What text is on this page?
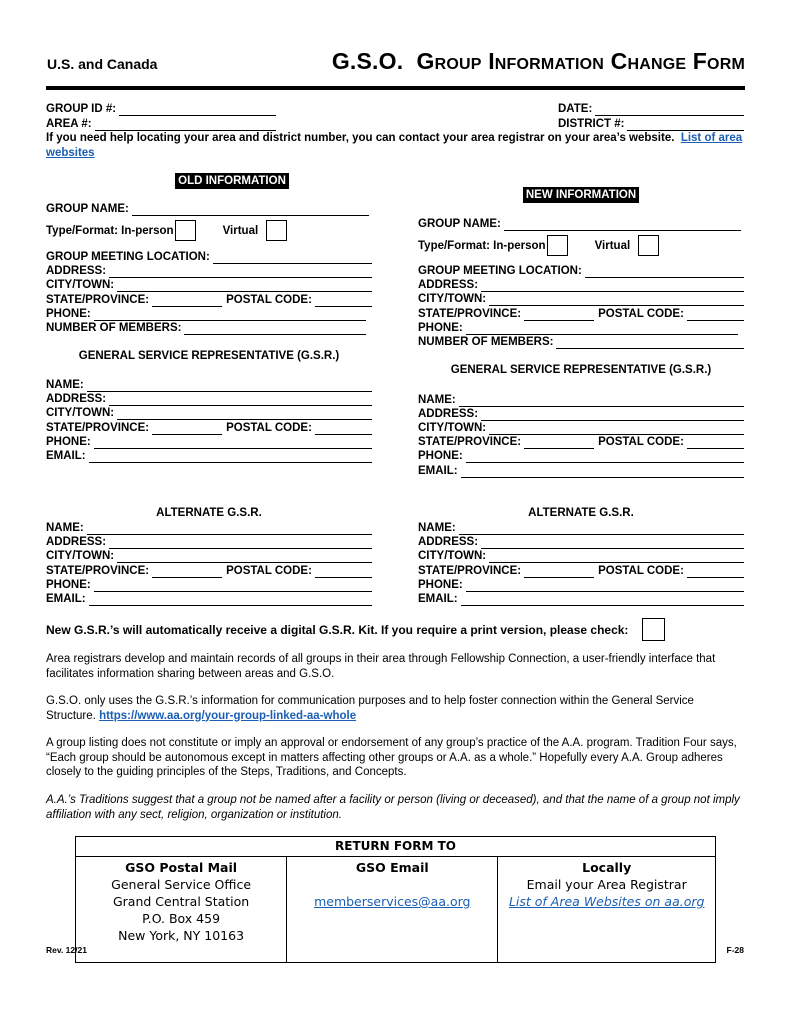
U.S. and Canada	G.S.O. Group Information Change Form
GROUP ID #:
AREA #:
DATE:
DISTRICT #:
If you need help locating your area and district number, you can contact your area registrar on your area’s website. List of area websites
OLD INFORMATION
GROUP NAME:
Type/Format: In-person	Virtual
GROUP MEETING LOCATION:
ADDRESS:
CITY/TOWN:
STATE/PROVINCE:	POSTAL CODE:
PHONE:
NUMBER OF MEMBERS:
GENERAL SERVICE REPRESENTATIVE (G.S.R.)
NAME:
ADDRESS:
CITY/TOWN:
STATE/PROVINCE:	POSTAL CODE:
PHONE:
EMAIL:
ALTERNATE G.S.R.
NAME:
ADDRESS:
CITY/TOWN:
STATE/PROVINCE:	POSTAL CODE:
PHONE:
EMAIL:
NEW INFORMATION
GROUP NAME:
Type/Format: In-person	Virtual
GROUP MEETING LOCATION:
ADDRESS:
CITY/TOWN:
STATE/PROVINCE:	POSTAL CODE:
PHONE:
NUMBER OF MEMBERS:
GENERAL SERVICE REPRESENTATIVE (G.S.R.)
NAME:
ADDRESS:
CITY/TOWN:
STATE/PROVINCE:	POSTAL CODE:
PHONE:
EMAIL:
ALTERNATE G.S.R.
NAME:
ADDRESS:
CITY/TOWN:
STATE/PROVINCE:	POSTAL CODE:
PHONE:
EMAIL:
New G.S.R.’s will automatically receive a digital G.S.R. Kit. If you require a print version, please check:
Area registrars develop and maintain records of all groups in their area through Fellowship Connection, a user-friendly interface that facilitates information sharing between areas and G.S.O.
G.S.O. only uses the G.S.R.’s information for communication purposes and to help foster connection within the General Service Structure. https://www.aa.org/your-group-linked-aa-whole
A group listing does not constitute or imply an approval or endorsement of any group’s practice of the A.A. program. Tradition Four says, “Each group should be autonomous except in matters affecting other groups or A.A. as a whole.” Hopefully every A.A. Group adheres closely to the guiding principles of the Steps, Traditions, and Concepts.
A.A.’s Traditions suggest that a group not be named after a facility or person (living or deceased), and that the name of a group not imply affiliation with any sect, religion, organization or institution.
RETURN FORM TO

GSO Postal Mail
General Service Office
Grand Central Station
P.O. Box 459
New York, NY 10163

GSO Email
memberservices@aa.org

Locally
Email your Area Registrar
List of Area Websites on aa.org
Rev. 12/21	F-28
